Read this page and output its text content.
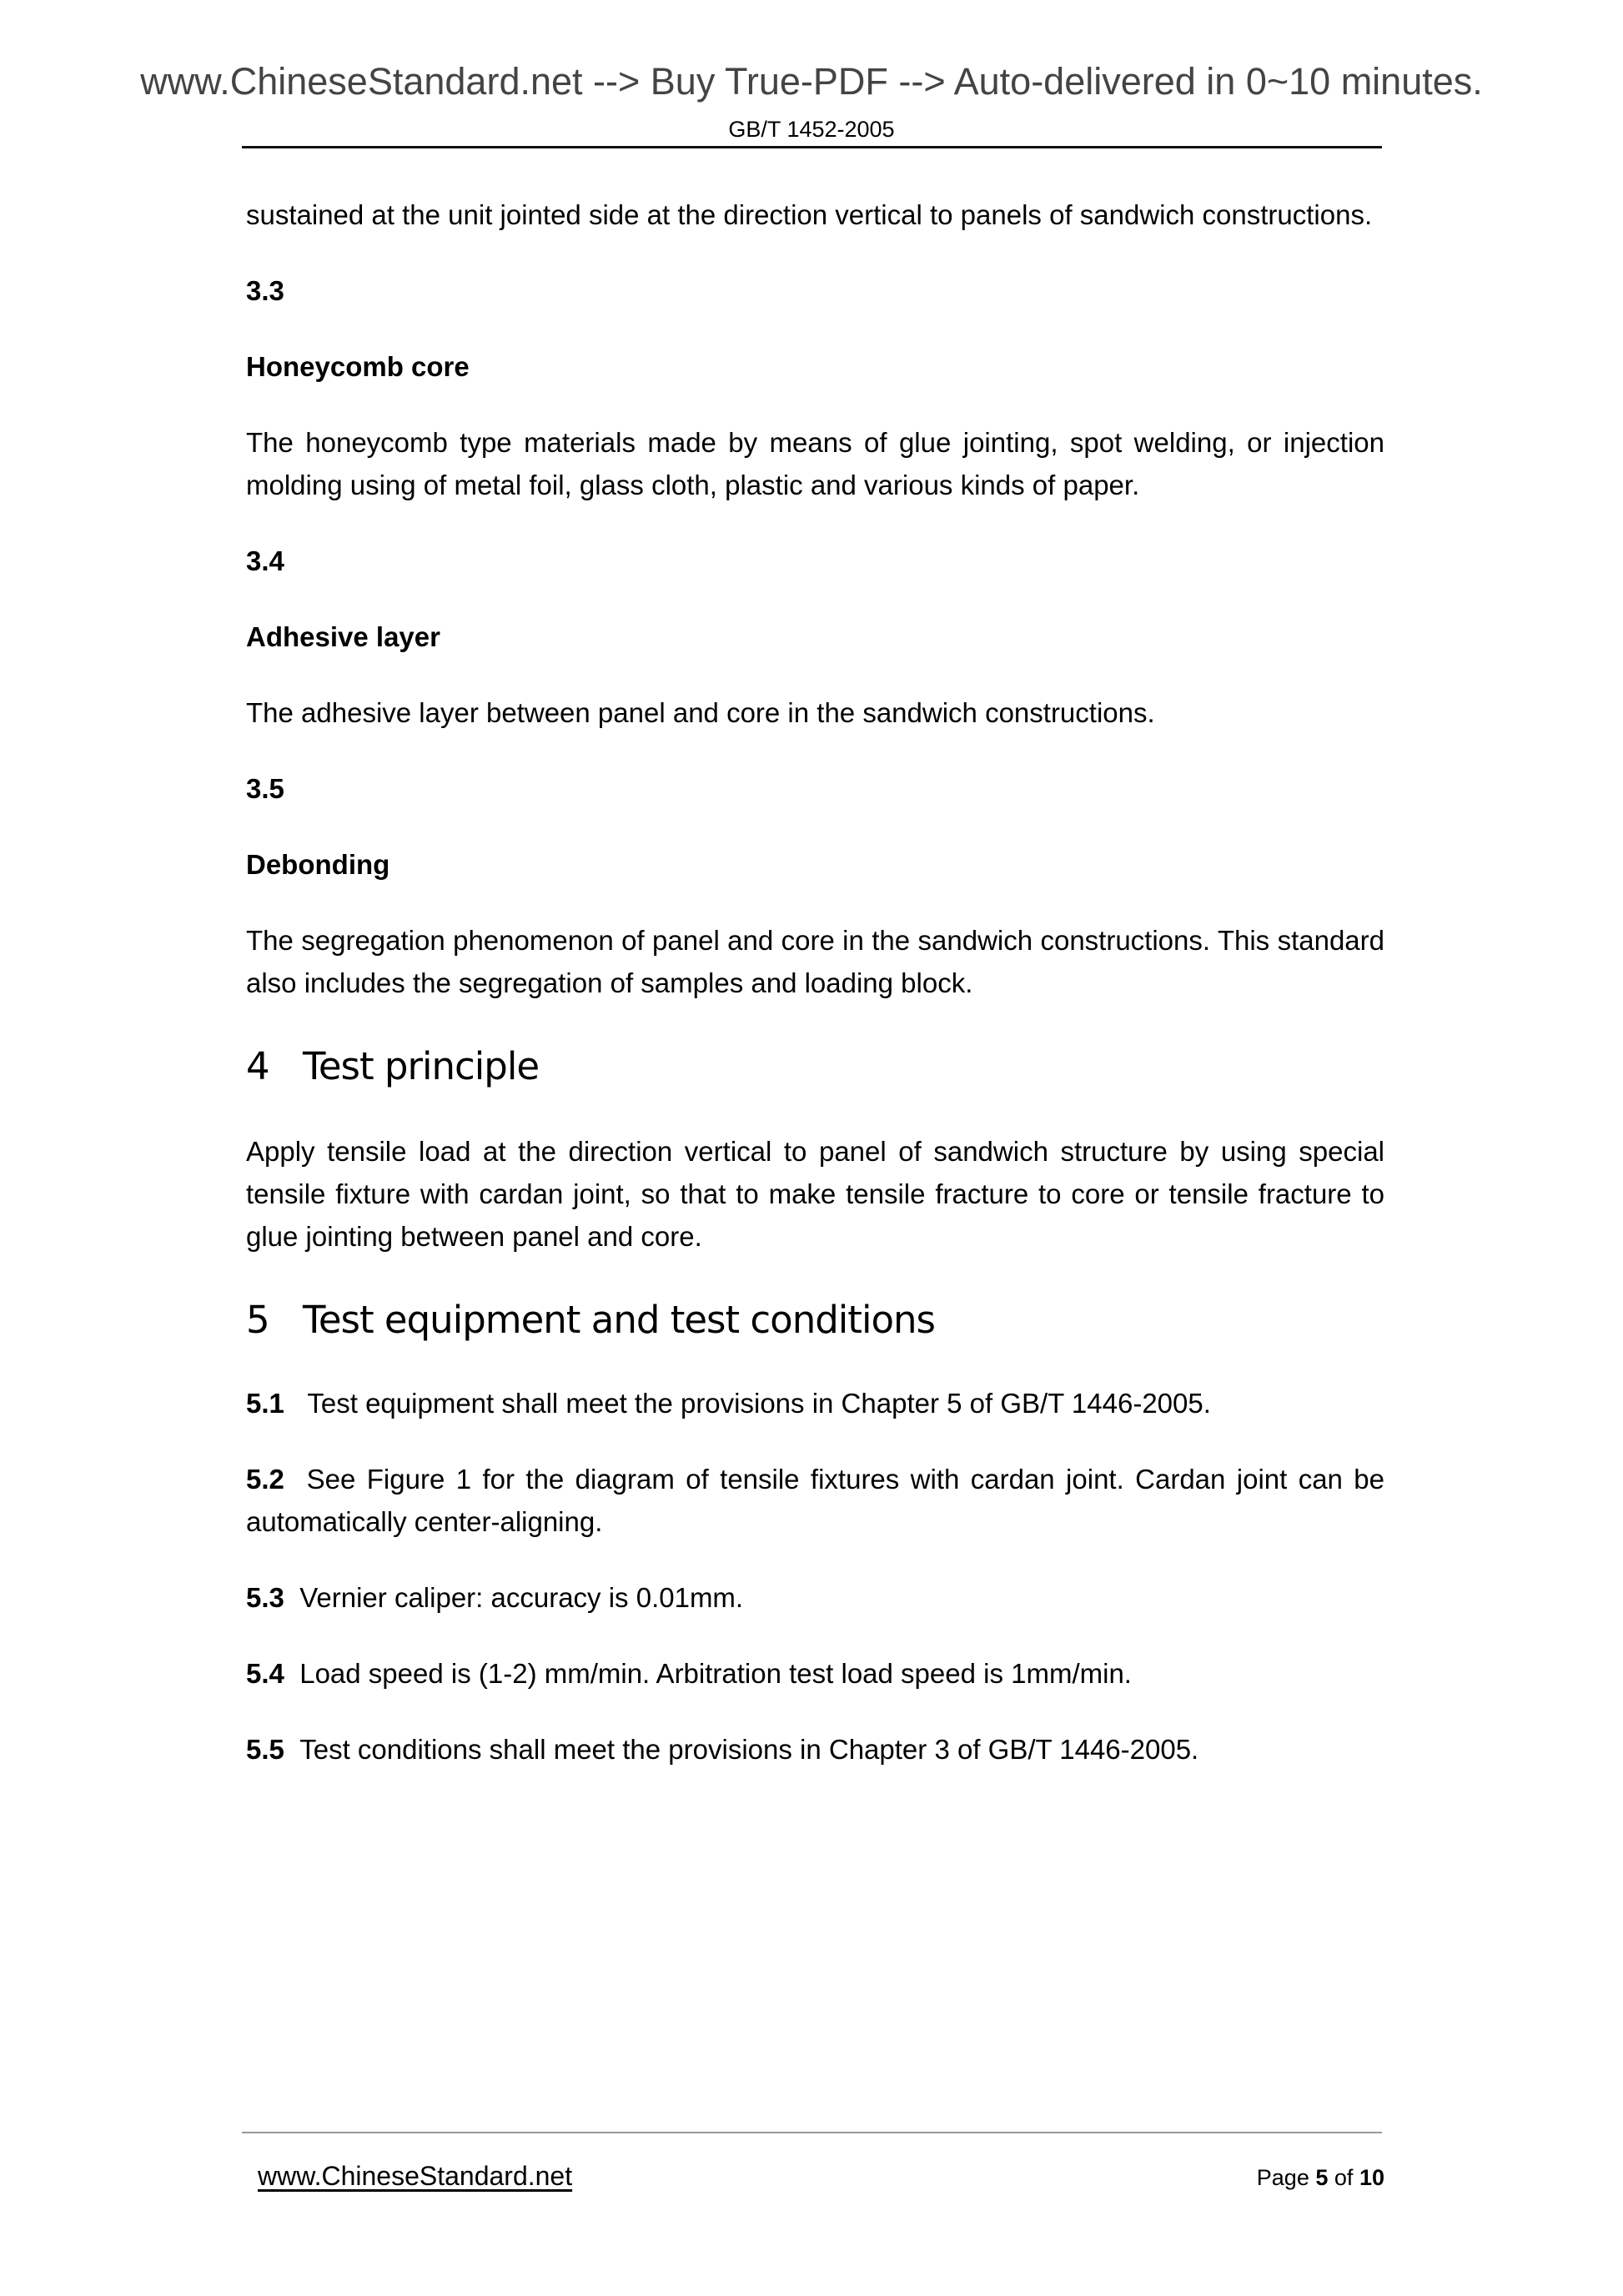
www.ChineseStandard.net --> Buy True-PDF --> Auto-delivered in 0~10 minutes.
GB/T 1452-2005

sustained at the unit jointed side at the direction vertical to panels of sandwich constructions.

3.3

Honeycomb core

The honeycomb type materials made by means of glue jointing, spot welding, or injection molding using of metal foil, glass cloth, plastic and various kinds of paper.

3.4

Adhesive layer

The adhesive layer between panel and core in the sandwich constructions.

3.5

Debonding

The segregation phenomenon of panel and core in the sandwich constructions. This standard also includes the segregation of samples and loading block.

4 Test principle

Apply tensile load at the direction vertical to panel of sandwich structure by using special tensile fixture with cardan joint, so that to make tensile fracture to core or tensile fracture to glue jointing between panel and core.

5 Test equipment and test conditions

5.1 Test equipment shall meet the provisions in Chapter 5 of GB/T 1446-2005.

5.2 See Figure 1 for the diagram of tensile fixtures with cardan joint. Cardan joint can be automatically center-aligning.

5.3 Vernier caliper: accuracy is 0.01mm.

5.4 Load speed is (1-2) mm/min. Arbitration test load speed is 1mm/min.

5.5 Test conditions shall meet the provisions in Chapter 3 of GB/T 1446-2005.

www.ChineseStandard.net	Page 5 of 10
